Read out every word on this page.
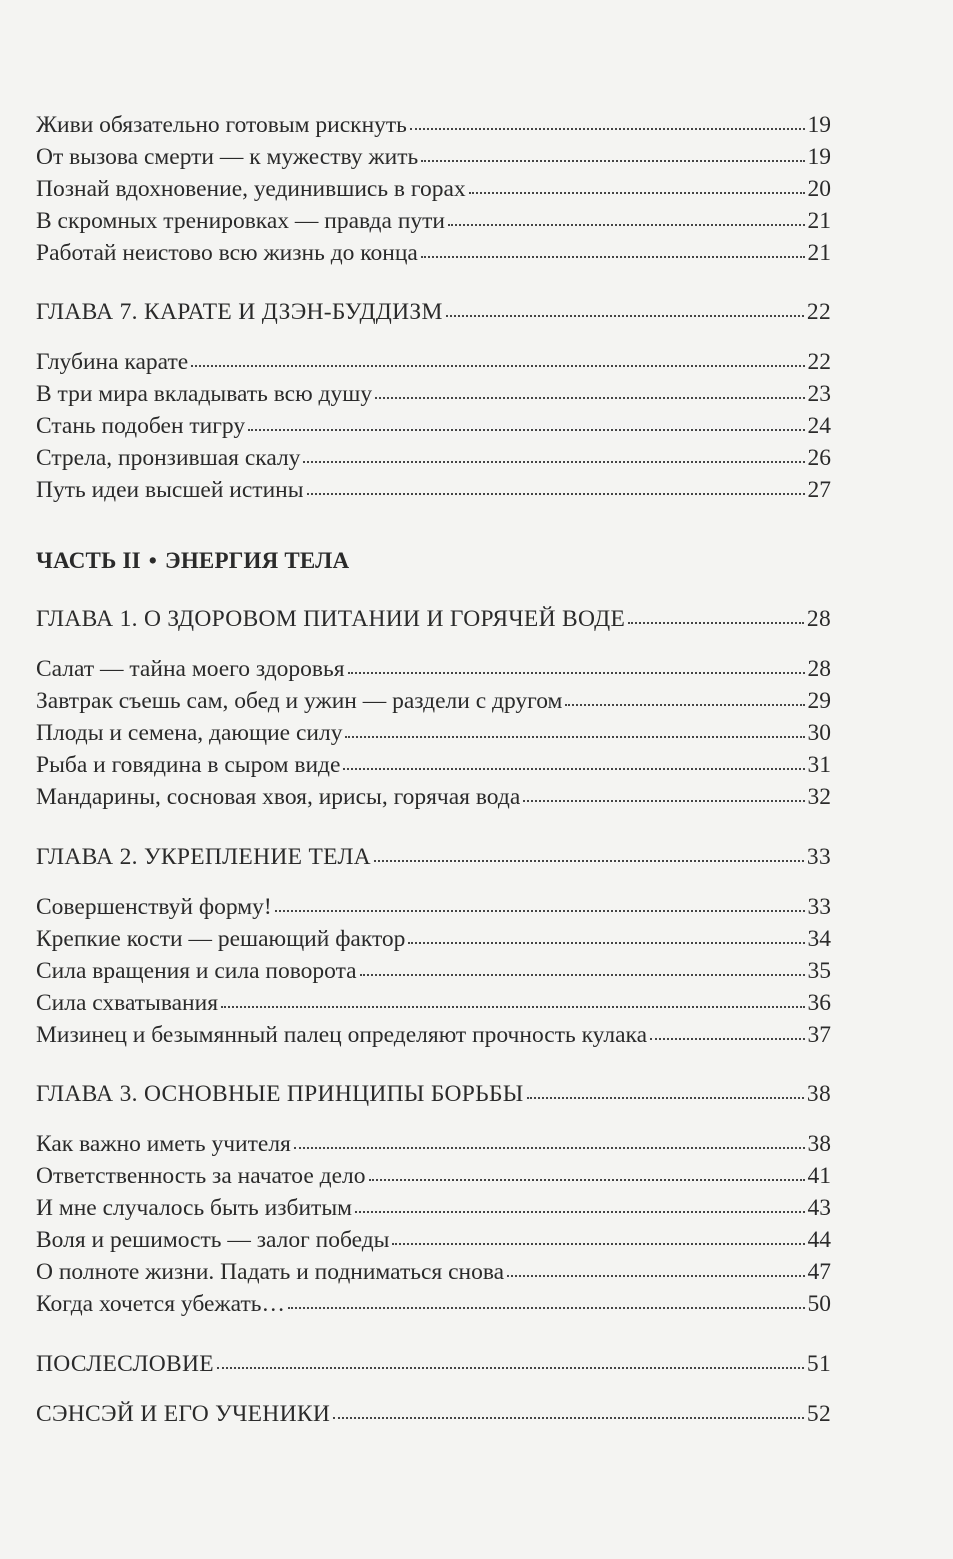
Живи обязательно готовым рискнуть	19
От вызова смерти — к мужеству жить	19
Познай вдохновение, уединившись в горах	20
В скромных тренировках — правда пути	21
Работай неистово всю жизнь до конца	21
ГЛАВА 7. КАРАТЕ И ДЗЭН-БУДДИЗМ	22
Глубина карате	22
В три мира вкладывать всю душу	23
Стань подобен тигру	24
Стрела, пронзившая скалу	26
Путь идеи высшей истины	27
ЧАСТЬ II • ЭНЕРГИЯ ТЕЛА
ГЛАВА 1. О ЗДОРОВОМ ПИТАНИИ И ГОРЯЧЕЙ ВОДЕ	28
Салат — тайна моего здоровья	28
Завтрак съешь сам, обед и ужин — раздели с другом	29
Плоды и семена, дающие силу	30
Рыба и говядина в сыром виде	31
Мандарины, сосновая хвоя, ирисы, горячая вода	32
ГЛАВА 2. УКРЕПЛЕНИЕ ТЕЛА	33
Совершенствуй форму!	33
Крепкие кости — решающий фактор	34
Сила вращения и сила поворота	35
Сила схватывания	36
Мизинец и безымянный палец определяют прочность кулака	37
ГЛАВА 3. ОСНОВНЫЕ ПРИНЦИПЫ БОРЬБЫ	38
Как важно иметь учителя	38
Ответственность за начатое дело	41
И мне случалось быть избитым	43
Воля и решимость — залог победы	44
О полноте жизни. Падать и подниматься снова	47
Когда хочется убежать…	50
ПОСЛЕСЛОВИЕ	51
СЭНСЭЙ И ЕГО УЧЕНИКИ	52
